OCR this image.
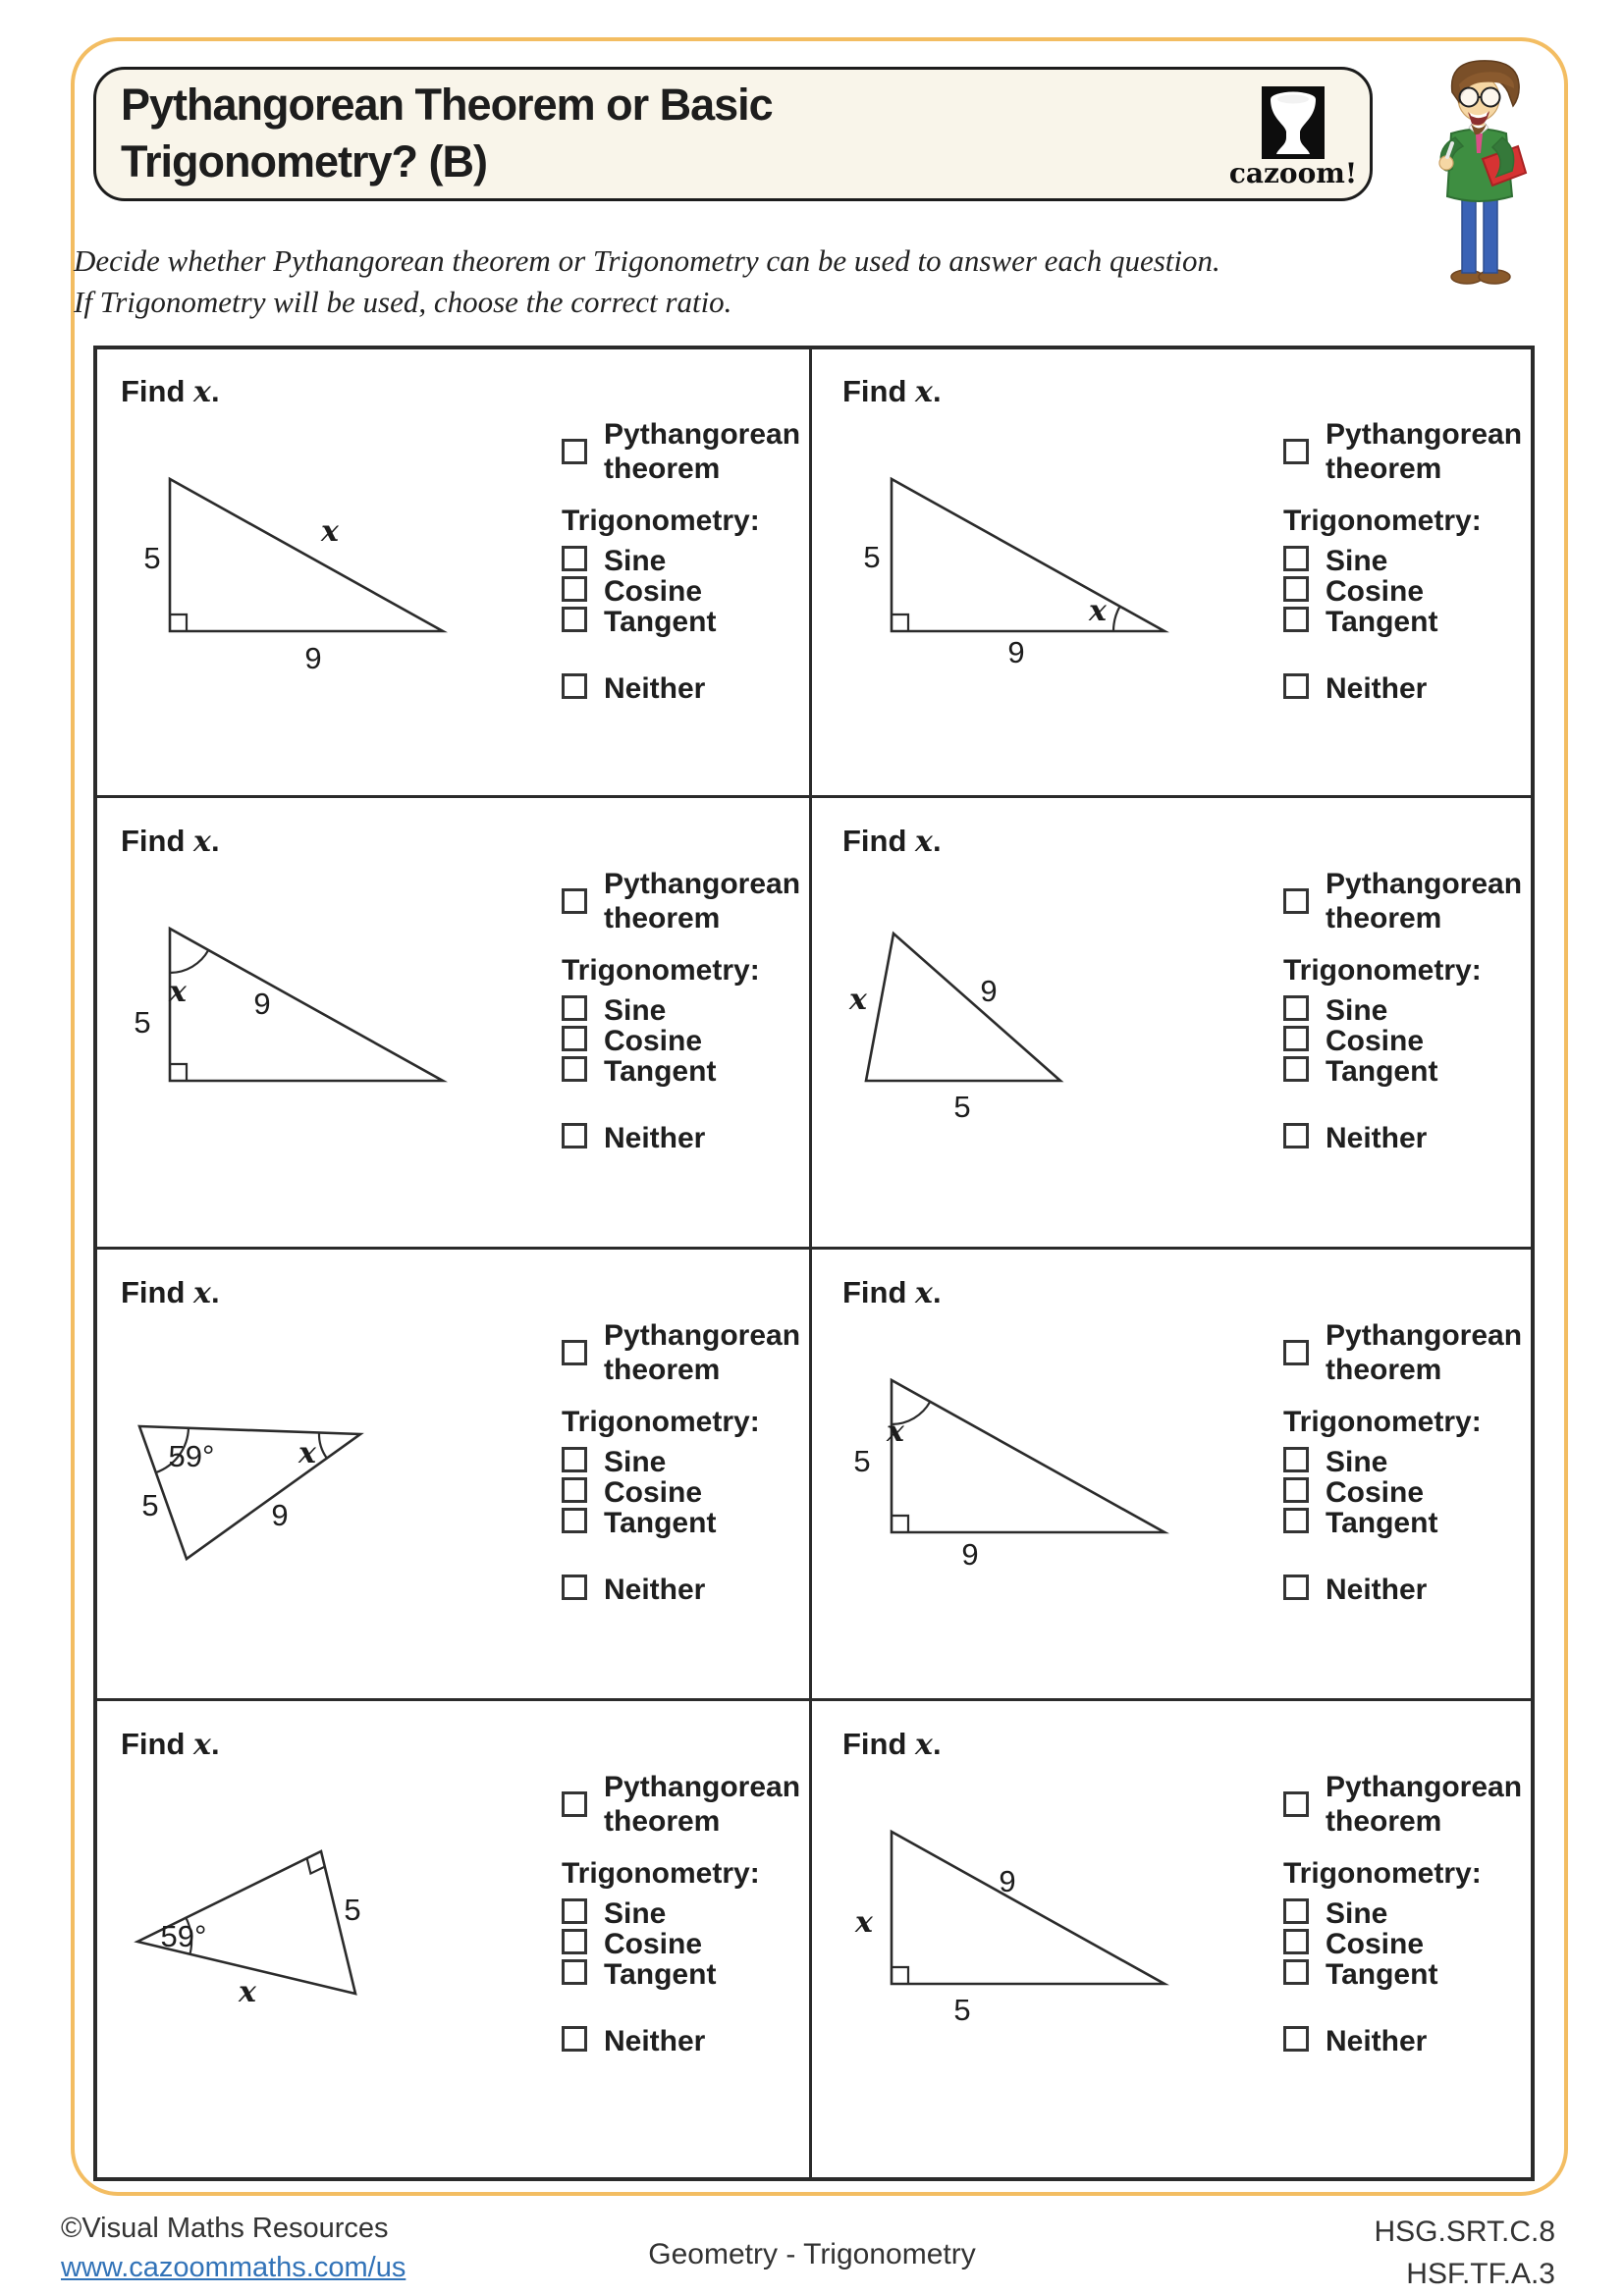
Pythangorean Theorem or Basic
Trigonometry? (B)	cazoom!
Decide whether Pythangorean theorem or Trigonometry can be used to answer each question.
If Trigonometry will be used, choose the correct ratio.
Find x.
5
9
x
Pythangorean
theorem
Trigonometry:
Sine
Cosine
Tangent
Neither
Find x.
5
9
x
Pythangorean
theorem
Trigonometry:
Sine
Cosine
Tangent
Neither
Find x.
5
9
x
Pythangorean
theorem
Trigonometry:
Sine
Cosine
Tangent
Neither
Find x.
x	9
5
Pythangorean
theorem
Trigonometry:
Sine
Cosine
Tangent
Neither
Find x.
59°	x
5	9
Pythangorean
theorem
Trigonometry:
Sine
Cosine
Tangent
Neither
Find x.
x
5
9
Pythangorean
theorem
Trigonometry:
Sine
Cosine
Tangent
Neither
Find x.
59°
5
x
Pythangorean
theorem
Trigonometry:
Sine
Cosine
Tangent
Neither
Find x.
x
9
5
Pythangorean
theorem
Trigonometry:
Sine
Cosine
Tangent
Neither
©Visual Maths Resources
www.cazoommaths.com/us	Geometry - Trigonometry
HSG.SRT.C.8
HSF.TF.A.3
